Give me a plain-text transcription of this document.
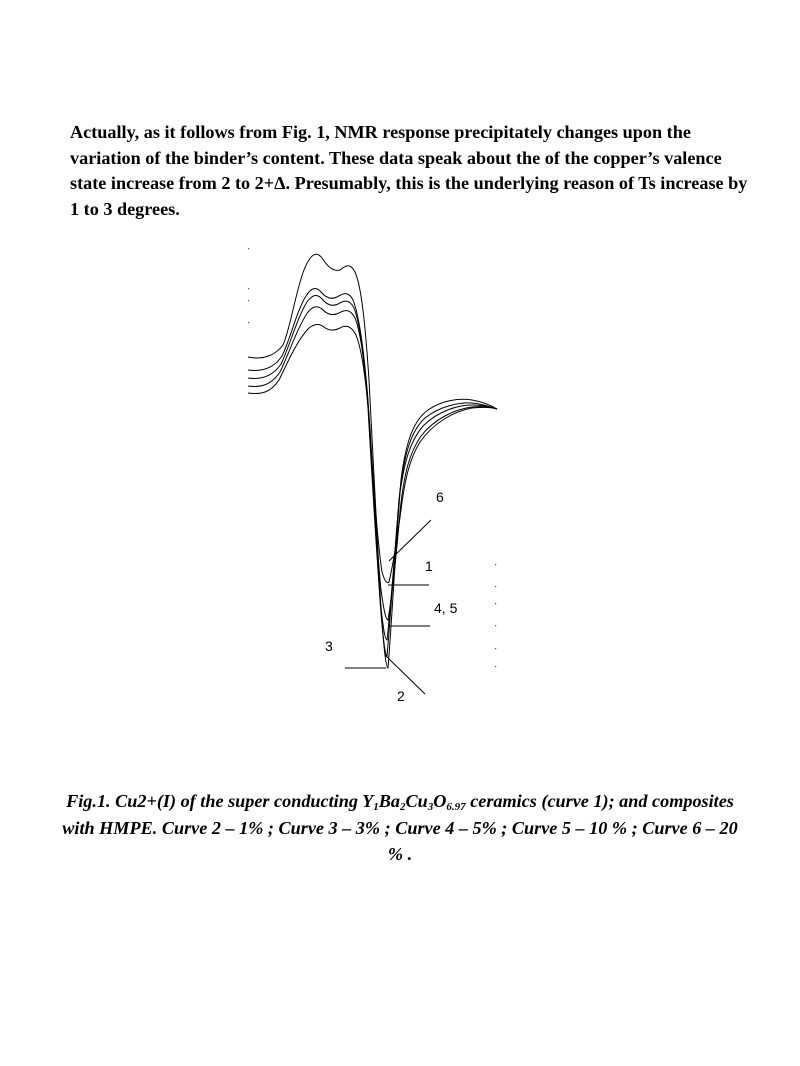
Actually, as it follows from Fig. 1, NMR response precipitately changes upon the variation of the binder’s content. These data speak about the of the copper’s valence state increase from 2 to 2+Δ. Presumably, this is the underlying reason of Ts increase by 1 to 3 degrees.

6
1
4, 5
3
2

Fig.1. Cu2+(I) of the super conducting $Y_1Ba_2Cu_3O_{6.97}$ ceramics (curve 1); and composites with HMPE. Curve 2 – 1% ; Curve 3 – 3% ; Curve 4 – 5% ; Curve 5 – 10 % ; Curve 6 – 20 % .
